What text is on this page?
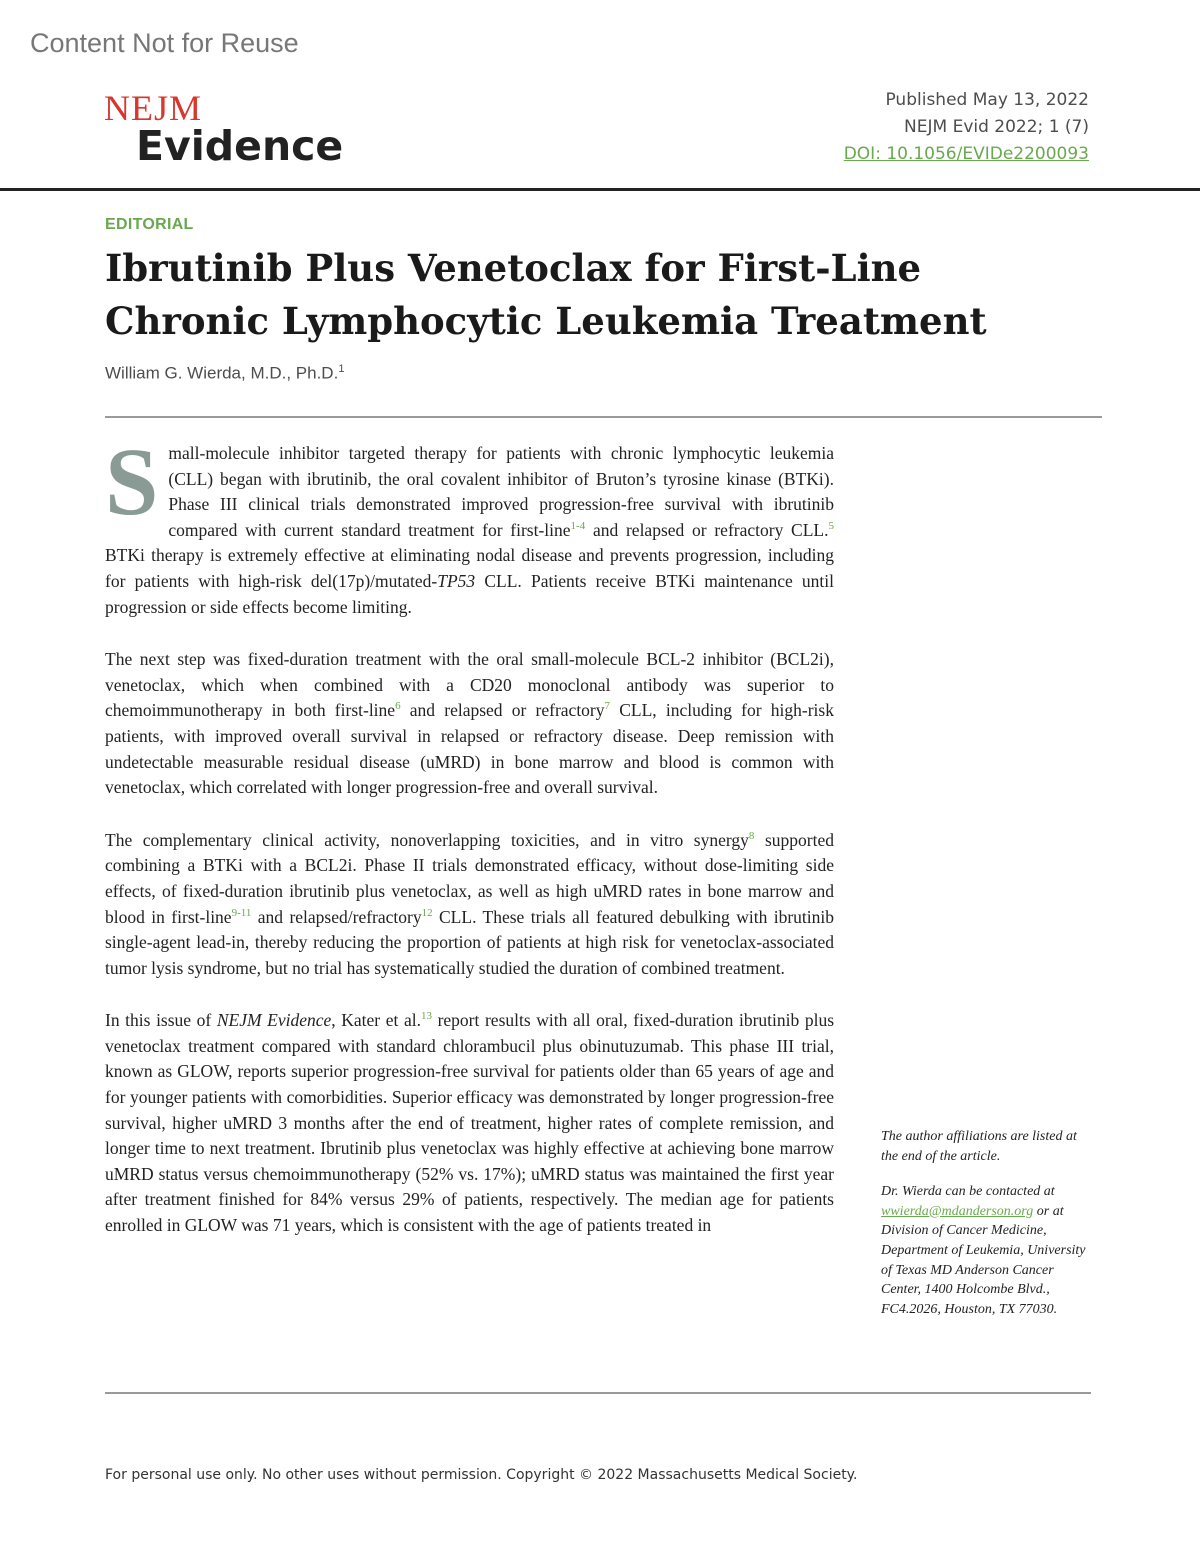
Content Not for Reuse
NEJM
Evidence
Published May 13, 2022
NEJM Evid 2022; 1 (7)
DOI: 10.1056/EVIDe2200093
EDITORIAL
Ibrutinib Plus Venetoclax for First-Line Chronic Lymphocytic Leukemia Treatment
William G. Wierda, M.D., Ph.D.$^1$

Small-molecule inhibitor targeted therapy for patients with chronic lymphocytic leukemia (CLL) began with ibrutinib, the oral covalent inhibitor of Bruton’s tyrosine kinase (BTKi). Phase III clinical trials demonstrated improved progression-free survival with ibrutinib compared with current standard treatment for first-line$^{1-4}$ and relapsed or refractory CLL.$^5$ BTKi therapy is extremely effective at eliminating nodal disease and prevents progression, including for patients with high-risk del(17p)/mutated-TP53 CLL. Patients receive BTKi maintenance until progression or side effects become limiting.

The next step was fixed-duration treatment with the oral small-molecule BCL-2 inhibitor (BCL2i), venetoclax, which when combined with a CD20 monoclonal antibody was superior to chemoimmunotherapy in both first-line$^6$ and relapsed or refractory$^7$ CLL, including for high-risk patients, with improved overall survival in relapsed or refractory disease. Deep remission with undetectable measurable residual disease (uMRD) in bone marrow and blood is common with venetoclax, which correlated with longer progression-free and overall survival.

The complementary clinical activity, nonoverlapping toxicities, and in vitro synergy$^8$ supported combining a BTKi with a BCL2i. Phase II trials demonstrated efficacy, without dose-limiting side effects, of fixed-duration ibrutinib plus venetoclax, as well as high uMRD rates in bone marrow and blood in first-line$^{9-11}$ and relapsed/refractory$^{12}$ CLL. These trials all featured debulking with ibrutinib single-agent lead-in, thereby reducing the proportion of patients at high risk for venetoclax-associated tumor lysis syndrome, but no trial has systematically studied the duration of combined treatment.

In this issue of NEJM Evidence, Kater et al.$^{13}$ report results with all oral, fixed-duration ibrutinib plus venetoclax treatment compared with standard chlorambucil plus obinutuzumab. This phase III trial, known as GLOW, reports superior progression-free survival for patients older than 65 years of age and for younger patients with comorbidities. Superior efficacy was demonstrated by longer progression-free survival, higher uMRD 3 months after the end of treatment, higher rates of complete remission, and longer time to next treatment. Ibrutinib plus venetoclax was highly effective at achieving bone marrow uMRD status versus chemoimmunotherapy (52% vs. 17%); uMRD status was maintained the first year after treatment finished for 84% versus 29% of patients, respectively. The median age for patients enrolled in GLOW was 71 years, which is consistent with the age of patients treated in

The author affiliations are listed at the end of the article.

Dr. Wierda can be contacted at wwierda@mdanderson.org or at Division of Cancer Medicine, Department of Leukemia, University of Texas MD Anderson Cancer Center, 1400 Holcombe Blvd., FC4.2026, Houston, TX 77030.

For personal use only. No other uses without permission. Copyright © 2022 Massachusetts Medical Society.
